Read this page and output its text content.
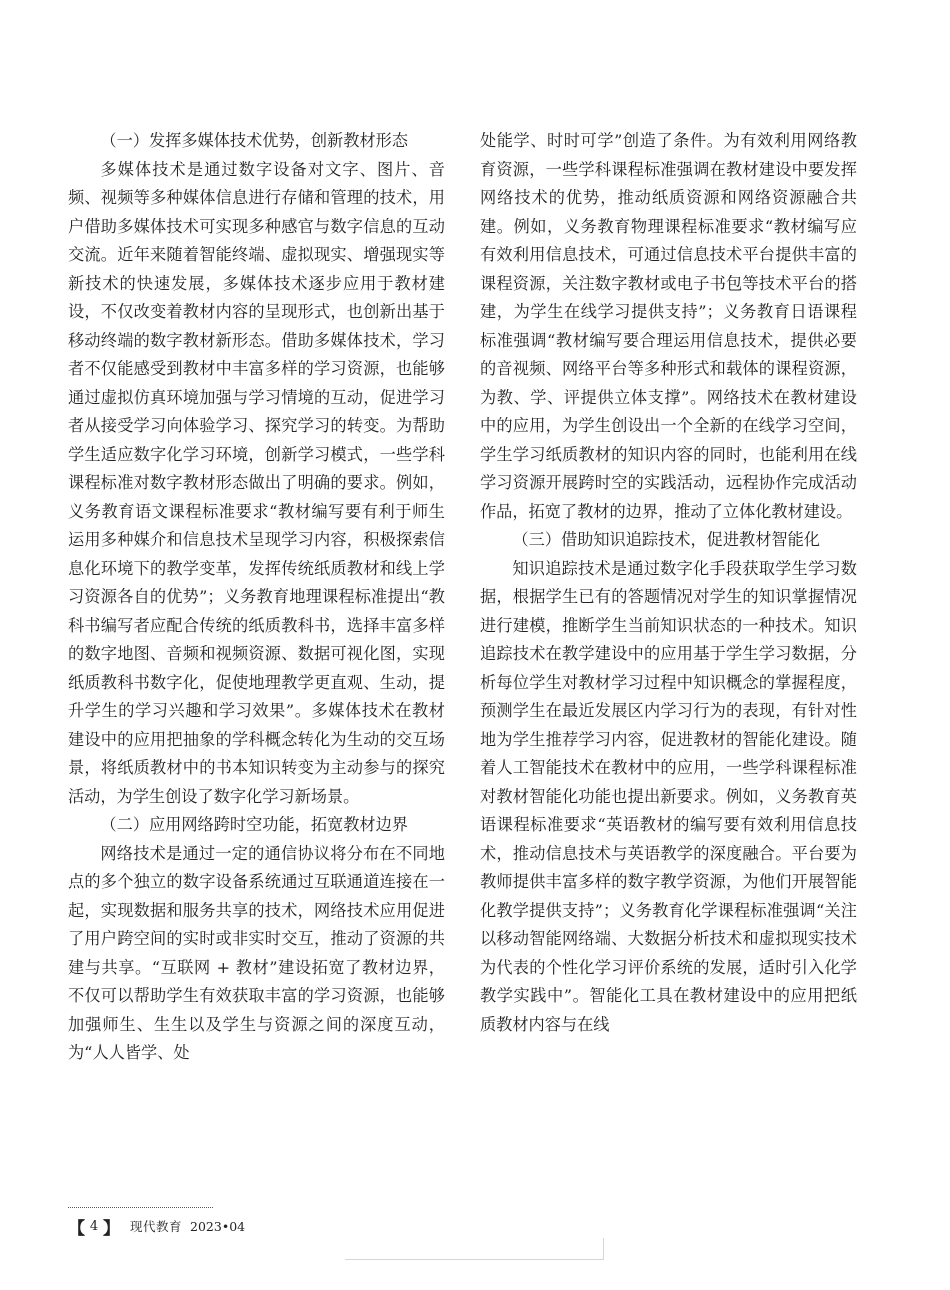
（一）发挥多媒体技术优势，创新教材形态

多媒体技术是通过数字设备对文字、图片、音频、视频等多种媒体信息进行存储和管理的技术，用户借助多媒体技术可实现多种感官与数字信息的互动交流。近年来随着智能终端、虚拟现实、增强现实等新技术的快速发展，多媒体技术逐步应用于教材建设，不仅改变着教材内容的呈现形式，也创新出基于移动终端的数字教材新形态。借助多媒体技术，学习者不仅能感受到教材中丰富多样的学习资源，也能够通过虚拟仿真环境加强与学习情境的互动，促进学习者从接受学习向体验学习、探究学习的转变。为帮助学生适应数字化学习环境，创新学习模式，一些学科课程标准对数字教材形态做出了明确的要求。例如，义务教育语文课程标准要求“教材编写要有利于师生运用多种媒介和信息技术呈现学习内容，积极探索信息化环境下的教学变革，发挥传统纸质教材和线上学习资源各自的优势”；义务教育地理课程标准提出“教科书编写者应配合传统的纸质教科书，选择丰富多样的数字地图、音频和视频资源、数据可视化图，实现纸质教科书数字化，促使地理教学更直观、生动，提升学生的学习兴趣和学习效果”。多媒体技术在教材建设中的应用把抽象的学科概念转化为生动的交互场景，将纸质教材中的书本知识转变为主动参与的探究活动，为学生创设了数字化学习新场景。

（二）应用网络跨时空功能，拓宽教材边界

网络技术是通过一定的通信协议将分布在不同地点的多个独立的数字设备系统通过互联通道连接在一起，实现数据和服务共享的技术，网络技术应用促进了用户跨空间的实时或非实时交互，推动了资源的共建与共享。“互联网 + 教材”建设拓宽了教材边界，不仅可以帮助学生有效获取丰富的学习资源，也能够加强师生、生生以及学生与资源之间的深度互动，为“人人皆学、处

处能学、时时可学”创造了条件。为有效利用网络教育资源，一些学科课程标准强调在教材建设中要发挥网络技术的优势，推动纸质资源和网络资源融合共建。例如，义务教育物理课程标准要求“教材编写应有效利用信息技术，可通过信息技术平台提供丰富的课程资源，关注数字教材或电子书包等技术平台的搭建，为学生在线学习提供支持”；义务教育日语课程标准强调“教材编写要合理运用信息技术，提供必要的音视频、网络平台等多种形式和载体的课程资源，为教、学、评提供立体支撑”。网络技术在教材建设中的应用，为学生创设出一个全新的在线学习空间，学生学习纸质教材的知识内容的同时，也能利用在线学习资源开展跨时空的实践活动，远程协作完成活动作品，拓宽了教材的边界，推动了立体化教材建设。

（三）借助知识追踪技术，促进教材智能化

知识追踪技术是通过数字化手段获取学生学习数据，根据学生已有的答题情况对学生的知识掌握情况进行建模，推断学生当前知识状态的一种技术。知识追踪技术在教学建设中的应用基于学生学习数据，分析每位学生对教材学习过程中知识概念的掌握程度，预测学生在最近发展区内学习行为的表现，有针对性地为学生推荐学习内容，促进教材的智能化建设。随着人工智能技术在教材中的应用，一些学科课程标准对教材智能化功能也提出新要求。例如，义务教育英语课程标准要求“英语教材的编写要有效利用信息技术，推动信息技术与英语教学的深度融合。平台要为教师提供丰富多样的数字教学资源，为他们开展智能化教学提供支持”；义务教育化学课程标准强调“关注以移动智能网络端、大数据分析技术和虚拟现实技术为代表的个性化学习评价系统的发展，适时引入化学教学实践中”。智能化工具在教材建设中的应用把纸质教材内容与在线

【 4 】 现代教育 2023•04
